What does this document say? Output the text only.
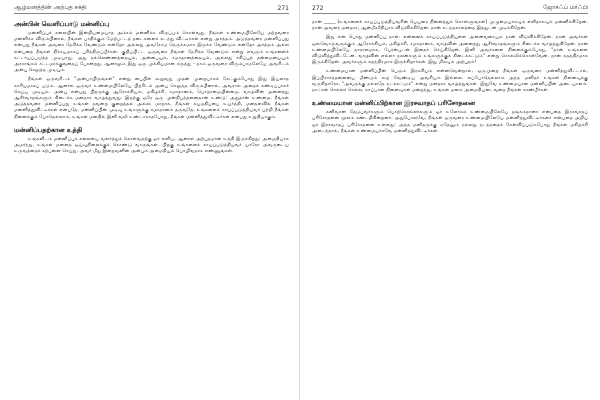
ஆழ்மனத்தின் அற்புத சக்தி	271
அன்பின் வெளிப்பாடு மன்னிப்பு

மன்னிப்புக் கலையின் இன்றியமையாத அம்சம் மன்னிக்க விருப்பம் கொள்வது. நீங்கள் உண்மையிலேயே மற்றவரை மன்னிக்க விரும்பினால், நீங்கள் பாதிக்கும் மேற்பட்டத் தடைகளைக் கடந்து விட்டீர்கள் என்று அர்த்தம். அடுத்தவரை மன்னிப்பது என்பது நீங்கள் அவரை நேசிக்க வேண்டும் என்றோ அல்லது அவரோடு நெருக்கமாக இருக்க வேண்டும் என்றோ அர்த்தம் அல்ல என்பதை நீங்கள் நிச்சயமாகப் புரிந்திருப்பீர்கள். குறிப்பிட்ட ஒருவரை நீங்கள் நேசிக்க வேண்டும் என்று எவரும் உங்களைக் கட்டாயப்படுத்த முடியாது. அது நல்லெண்ணத்தையும், அன்பையும், சமாதானத்தையும், அல்லது சகிப்புத் தன்மையையும் அரசாங்கம் சட்டமாக்குவதைப் போன்றது. ஆனாலும் இது ஒரு முக்கியமான கருத்து - நாம் ஒருவரை விரும்பாமலேயே அவரிடம் அன்பு செலுத்த முடியும்.

நீங்கள் ஒருவரிடம் "அன்பாயிருங்கள்" என்று பைபிள் கூறுவது முதன் முறையாகக் கேட்கும்போது இது இயலாத காரியமாகப் படும். ஆனால் ஒருவர் உண்மையிலேயே பிறரிடம் அன்பு செலுத்த விரும்பினால், அவரால் அதைக் கண்டிப்பாகச் செய்ய முடியும். அன்பு என்பது பிறருக்கு ஆரோக்கியம், மகிழ்ச்சி, சமாதானம், பொறாமையின்மை, வாழ்வின் அனைத்து ஆசீர்வாதங்களும் கிடைக்க மனதார வாழ்த்துவது. இதற்கு ஒரே ஒரு முன்நிபந்தனைதான் உண்டு: அதுதான் உண்மை. நீங்கள் அடுத்தவரை மன்னிப்பது உங்கள் தவறை குறைத்தல் அல்ல; மாறாக, நீங்கள் சுயமதிப்பை உயர்த்தி, மனதளவில் நீங்கள் மன்னித்துவிட்டீர்கள் என்பதே. மன்னிப்பின் முடிவு உங்களுக்கு சமாதானம் தருவதே. உங்களைக் காயப்படுத்தியவர் பற்றி நீங்கள் நினைக்கும் போதெல்லாம், உங்கள் மனதில் இனி வலி உண்டாகாதபோது, நீங்கள் மன்னித்துவிட்டீர்கள் என்பது உறுதியாகும்.

மன்னிப்பதற்கான உத்தி

உங்களிடம் மன்னிப்புக் கலையை வளர்த்துக் கொள்வதற்கு ஓர் எளிய, ஆனால் அற்புதமான உத்தி இருக்கிறது: அமைதியாக அமர்ந்து, உங்கள் மனதை ஓய்வுநிலைக்குக் கொண்டு வாருங்கள். பிறகு உங்களைக் காயப்படுத்தியவர் யாரோ அவருடைய உருவத்தைக் கற்பனை செய்து, அவர் மீது இறைவனின் அன்பும் அமைதியும் பொழிவதாக எண்ணுங்கள்.

272	ஜோசஃப் மர்ஃபி
நான் _____ [உங்களைக் காயப்படுத்தியவரின் பெயரை நினைத்துக் கொள்ளுங்கள்] முழுமையாகவும் எளிதாகவும் மன்னிக்கிறேன். நான் அவரை மனதார, ஆன்மீகரீதியாக விடுவிக்கிறேன். நான் கடந்தகாலத்தை இத்துடன் முடிக்கிறேன்.

இது என் பொது மன்னிப்பு நாள். என்னைக் காயப்படுத்தியுள்ள அனைவரையும் நான் விடுவிக்கிறேன். நான் அவர்கள் ஒவ்வொருவருக்கும் ஆரோக்கியம், மகிழ்ச்சி, சமாதானம், வாழ்வின் அனைத்து ஆசீர்வாதங்களும் கிடைக்க வாழ்த்துகிறேன். நான் உண்மையிலேயே தாராளமாக, பேரன்புடன் இதைச் செய்கிறேன். இனி அவர்களை நினைக்கும்போது, "நான் உங்களை விடுவித்துவிட்டேன். வாழ்வின் எல்லா நலன்களும் உங்களுக்குக் கிடைக்கட்டும்" என்று சொல்லிக்கொள்வேன். நான் சுதந்திரமாக இருக்கிறேன். அவர்களும் சுதந்திரமாக இருக்கிறார்கள். இது மிகவும் அற்புதம்!

உண்மையான மன்னிப்பின் பெரும் இரகசியம் என்னவென்றால், ஒருமுறை நீங்கள் ஒருவரை மன்னித்துவிட்டால், இப்பிரார்த்தனையை மீண்டும் கூற வேண்டிய அவசியம் இல்லை. எப்போதெல்லாம் அந்த மனிதர் உங்கள் நினைவுக்கு வருகிறாரோ, "அவருக்கு நல்லதே நடக்கட்டும்" என்று மனதார வாழ்த்துங்கள். இதுவே உண்மையான மன்னிப்பின் அடையாளம். நாட்கள் செல்லச் செல்ல, கசப்பான நினைவுகள் மறைந்து, உங்கள் மனம் அமைதியடைவதை நீங்கள் காண்பீர்கள்.

உண்மையான மன்னிப்பிற்கான இரசவாதப் பரிசோதனை

கனிவான தேடுபவர்களும் பொற்கொல்லர்களும் ஓர் உலோகம் உண்மையிலேயே தங்கம்தானா என்பதை இரசவாதப் பரிசோதனை மூலம் கண்டறிகின்றனர். அதுபோலவே, நீங்கள் ஒருவரை உண்மையிலேயே மன்னித்துவிட்டீர்களா என்பதை அறிய ஓர் இரசவாதப் பரிசோதனை உள்ளது: அந்த மனிதருக்கு ஏதேனும் நல்லது நடந்ததைக் கேள்விப்படும்போது நீங்கள் மகிழ்ச்சி அடைந்தால், நீங்கள் உண்மையாகவே மன்னித்துவிட்டீர்கள்.
